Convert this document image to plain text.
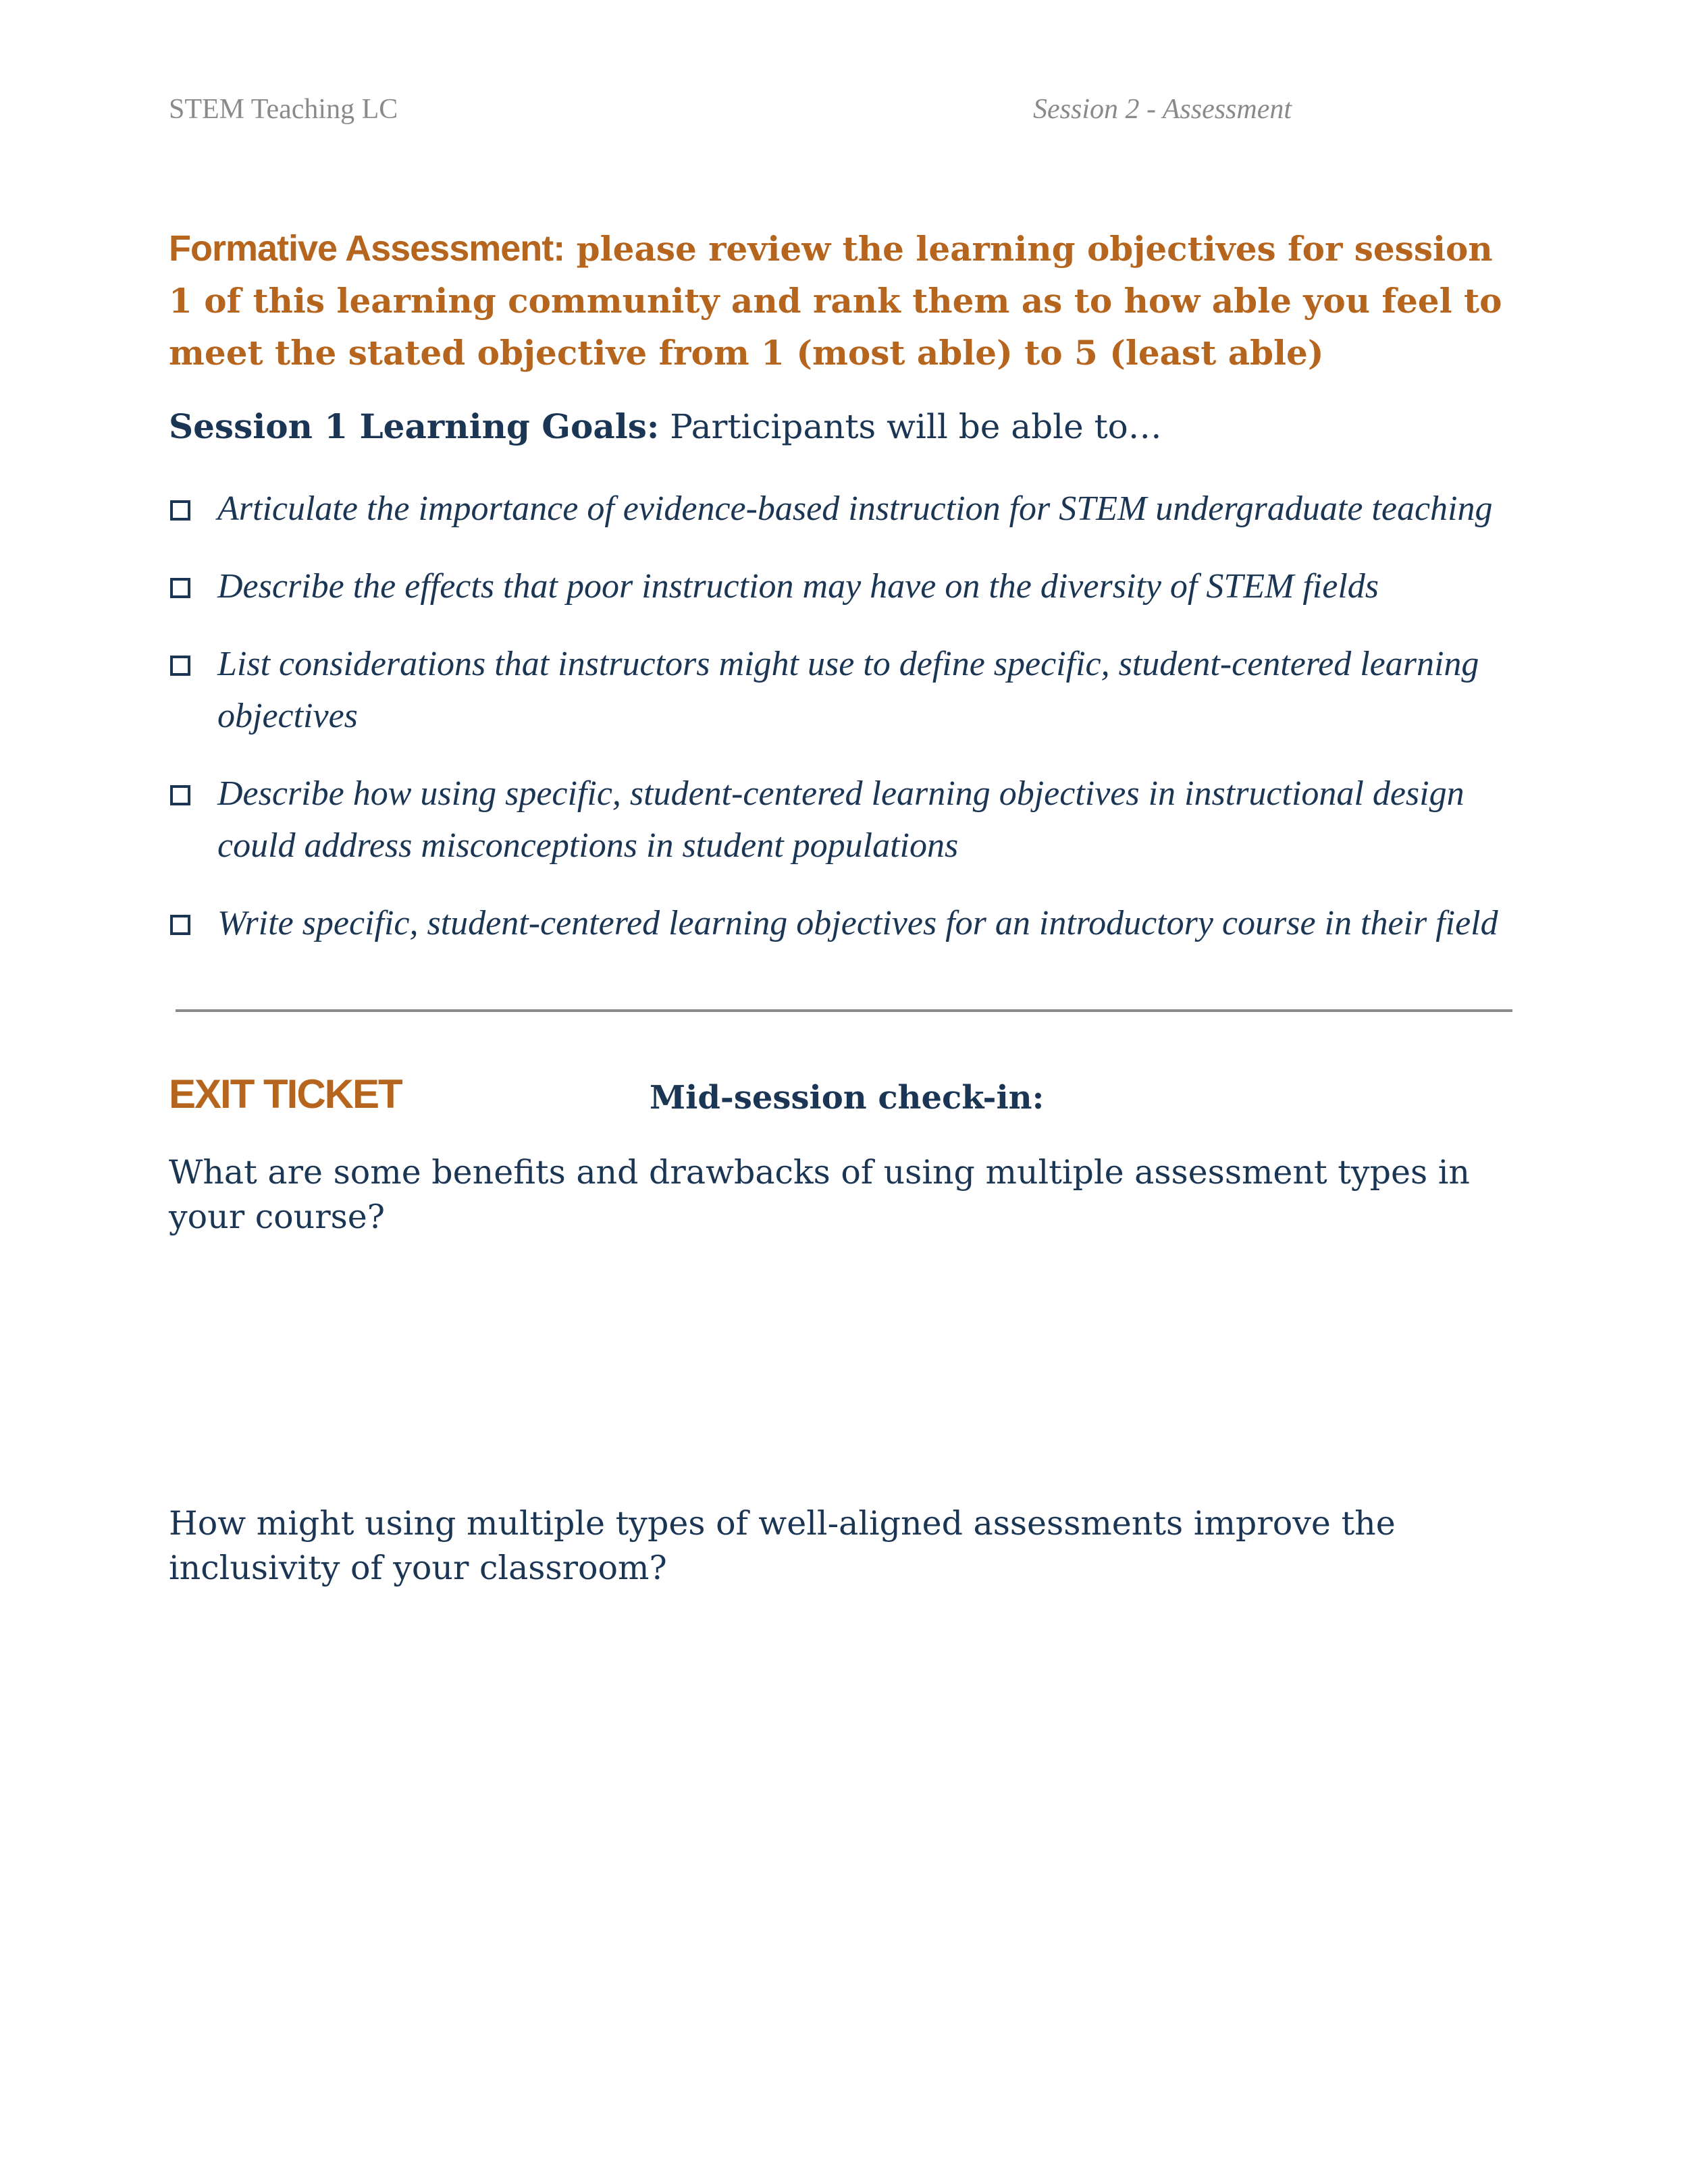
STEM Teaching LC	Session 2 - Assessment
Formative Assessment: please review the learning objectives for session 1 of this learning community and rank them as to how able you feel to meet the stated objective from 1 (most able) to 5 (least able)
Session 1 Learning Goals: Participants will be able to…
Articulate the importance of evidence-based instruction for STEM undergraduate teaching
Describe the effects that poor instruction may have on the diversity of STEM fields
List considerations that instructors might use to define specific, student-centered learning objectives
Describe how using specific, student-centered learning objectives in instructional design could address misconceptions in student populations
Write specific, student-centered learning objectives for an introductory course in their field
EXIT TICKET	Mid-session check-in:
What are some benefits and drawbacks of using multiple assessment types in your course?
How might using multiple types of well-aligned assessments improve the inclusivity of your classroom?
